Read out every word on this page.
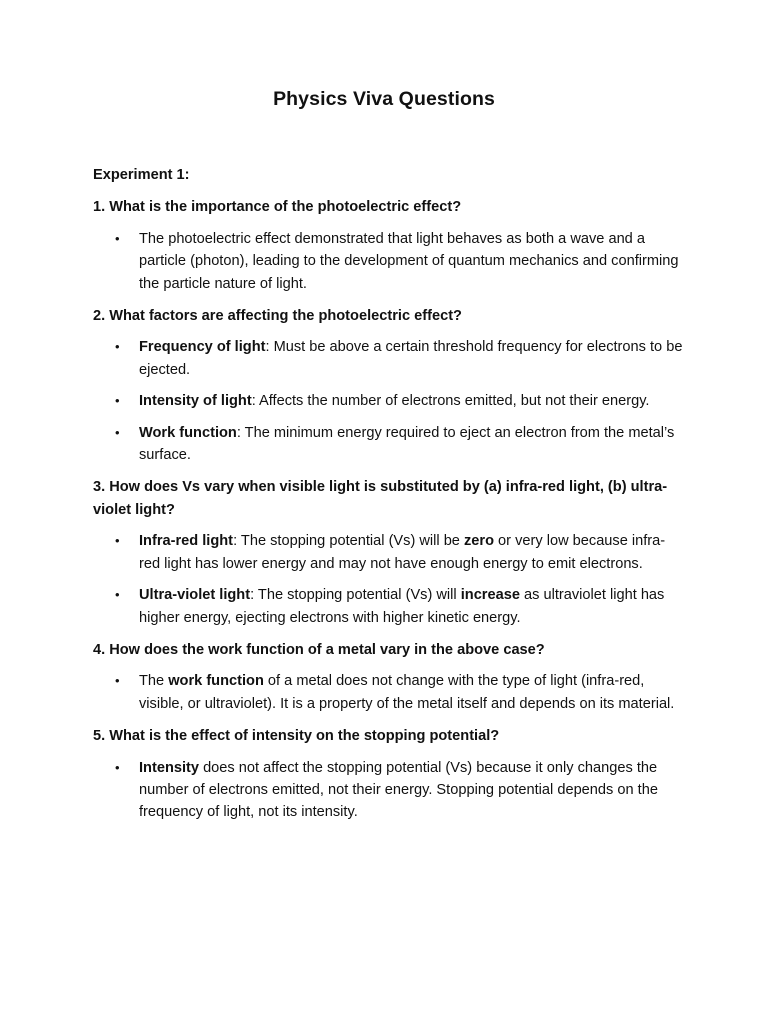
Physics Viva Questions
Experiment 1:
1. What is the importance of the photoelectric effect?
• The photoelectric effect demonstrated that light behaves as both a wave and a particle (photon), leading to the development of quantum mechanics and confirming the particle nature of light.
2. What factors are affecting the photoelectric effect?
• Frequency of light: Must be above a certain threshold frequency for electrons to be ejected.
• Intensity of light: Affects the number of electrons emitted, but not their energy.
• Work function: The minimum energy required to eject an electron from the metal’s surface.
3. How does Vs vary when visible light is substituted by (a) infra-red light, (b) ultra-violet light?
• Infra-red light: The stopping potential (Vs) will be zero or very low because infra-red light has lower energy and may not have enough energy to emit electrons.
• Ultra-violet light: The stopping potential (Vs) will increase as ultraviolet light has higher energy, ejecting electrons with higher kinetic energy.
4. How does the work function of a metal vary in the above case?
• The work function of a metal does not change with the type of light (infra-red, visible, or ultraviolet). It is a property of the metal itself and depends on its material.
5. What is the effect of intensity on the stopping potential?
• Intensity does not affect the stopping potential (Vs) because it only changes the number of electrons emitted, not their energy. Stopping potential depends on the frequency of light, not its intensity.
